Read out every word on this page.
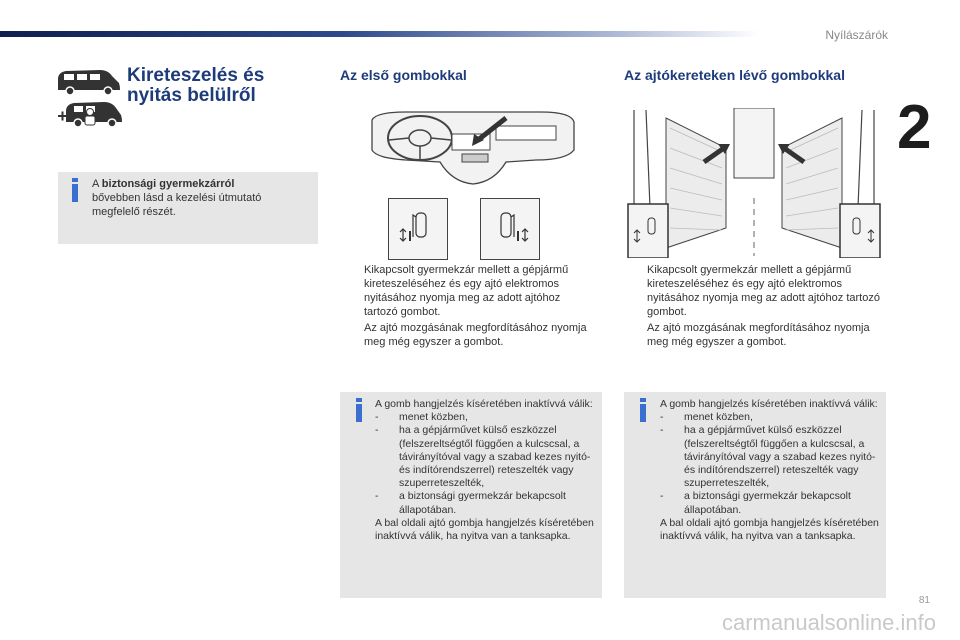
Nyílászárók
2
Kireteszelés és
nyitás belülről
A biztonsági gyermekzárról
bővebben lásd a kezelési útmutató megfelelő részét.
Az első gombokkal
Kikapcsolt gyermekzár mellett a gépjármű kireteszeléséhez és egy ajtó elektromos nyitásához nyomja meg az adott ajtóhoz tartozó gombot.
Az ajtó mozgásának megfordításához nyomja meg még egyszer a gombot.
A gomb hangjelzés kíséretében inaktívvá válik:
-	menet közben,
-	ha a gépjárművet külső eszközzel (felszereltségtől függően a kulcscsal, a távirányítóval vagy a szabad kezes nyitó- és indítórendszerrel) reteszelték vagy szuperreteszelték,
-	a biztonsági gyermekzár bekapcsolt állapotában.
A bal oldali ajtó gombja hangjelzés kíséretében inaktívvá válik, ha nyitva van a tanksapka.
Az ajtókereteken lévő gombokkal
Kikapcsolt gyermekzár mellett a gépjármű kireteszeléséhez és egy ajtó elektromos nyitásához nyomja meg az adott ajtóhoz tartozó gombot.
Az ajtó mozgásának megfordításához nyomja meg még egyszer a gombot.
A gomb hangjelzés kíséretében inaktívvá válik:
-	menet közben,
-	ha a gépjárművet külső eszközzel (felszereltségtől függően a kulcscsal, a távirányítóval vagy a szabad kezes nyitó- és indítórendszerrel) reteszelték vagy szuperreteszelték,
-	a biztonsági gyermekzár bekapcsolt állapotában.
A bal oldali ajtó gombja hangjelzés kíséretében inaktívvá válik, ha nyitva van a tanksapka.
81
carmanualsonline.info
